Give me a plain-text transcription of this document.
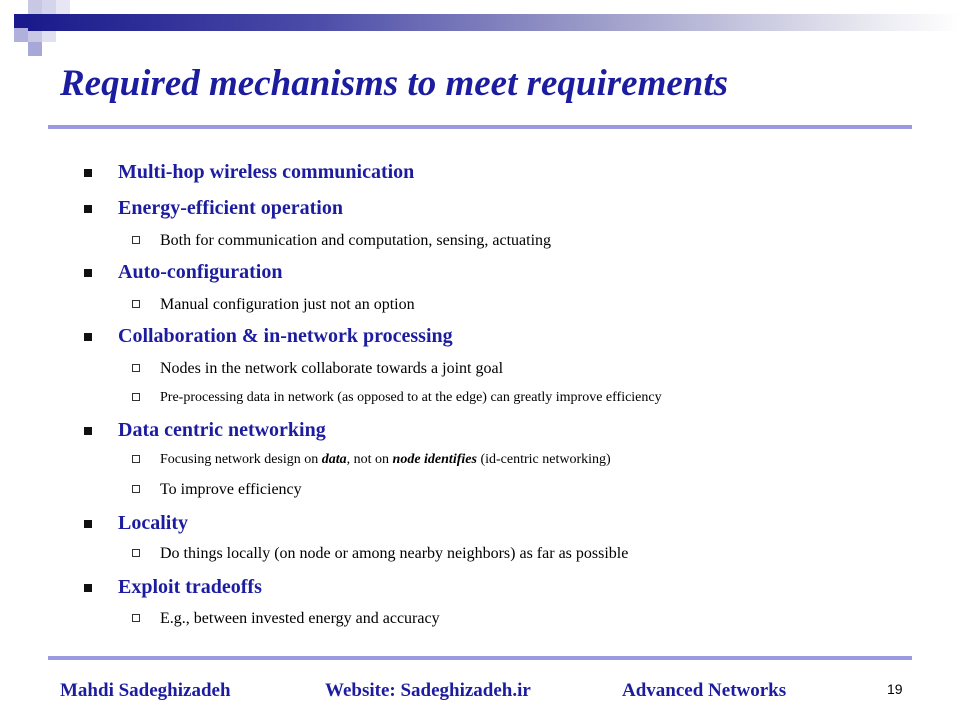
Required mechanisms to meet requirements
Multi-hop wireless communication
Energy-efficient operation
Both for communication and computation, sensing, actuating
Auto-configuration
Manual configuration just not an option
Collaboration & in-network processing
Nodes in the network collaborate towards a joint goal
Pre-processing data in network (as opposed to at the edge) can greatly improve efficiency
Data centric networking
Focusing network design on data, not on node identifies (id-centric networking)
To improve efficiency
Locality
Do things locally (on node or among nearby neighbors) as far as possible
Exploit tradeoffs
E.g., between invested energy and accuracy
Mahdi Sadeghizadeh	Website: Sadeghizadeh.ir	Advanced Networks	19
